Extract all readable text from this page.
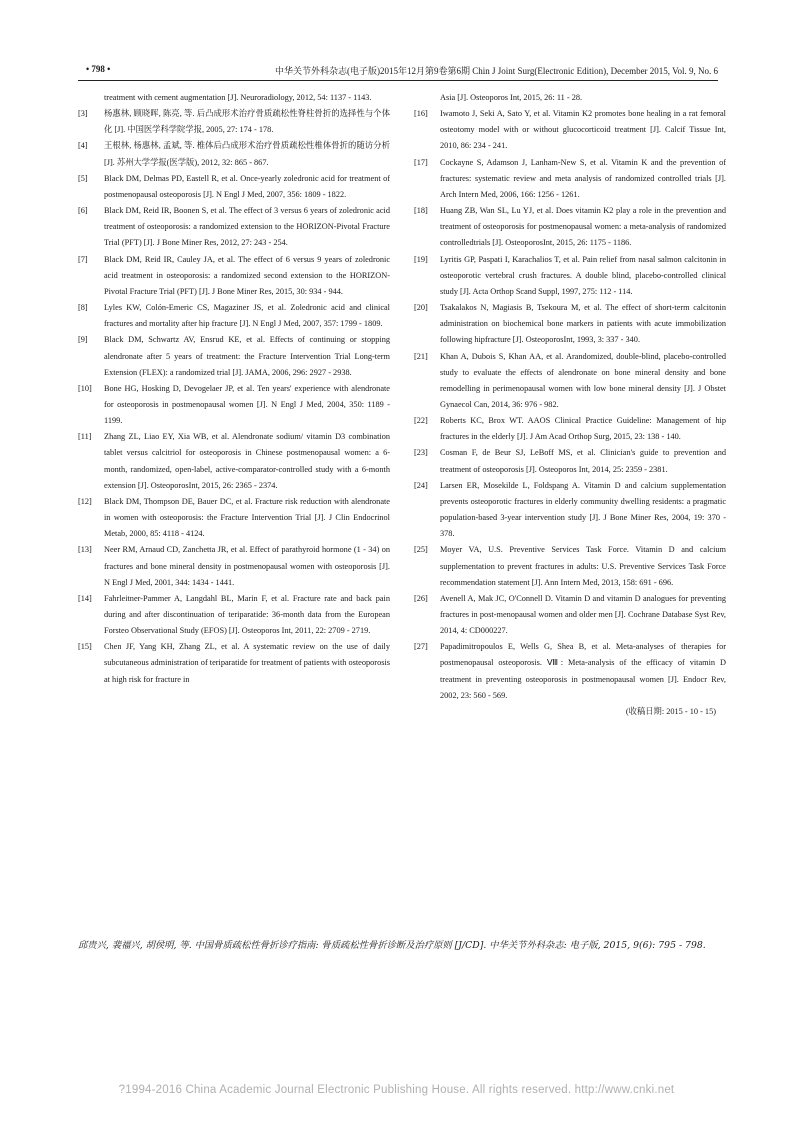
• 798 •	中华关节外科杂志(电子版)2015年12月第9卷第6期 Chin J Joint Surg(Electronic Edition), December 2015, Vol. 9, No. 6
treatment with cement augmentation [J]. Neuroradiology, 2012, 54: 1137 - 1143.
[3] 杨惠林, 顾晓晖, 陈亮, 等. 后凸成形术治疗骨质疏松性脊柱骨折的选择性与个体化 [J]. 中国医学科学院学报, 2005, 27: 174 - 178.
[4] 王根林, 杨惠林, 孟斌, 等. 椎体后凸成形术治疗骨质疏松性椎体骨折的随访分析 [J]. 苏州大学学报(医学版), 2012, 32: 865 - 867.
[5] Black DM, Delmas PD, Eastell R, et al. Once-yearly zoledronic acid for treatment of postmenopausal osteoporosis [J]. N Engl J Med, 2007, 356: 1809 - 1822.
[6] Black DM, Reid IR, Boonen S, et al. The effect of 3 versus 6 years of zoledronic acid treatment of osteoporosis: a randomized extension to the HORIZON-Pivotal Fracture Trial (PFT) [J]. J Bone Miner Res, 2012, 27: 243 - 254.
[7] Black DM, Reid IR, Cauley JA, et al. The effect of 6 versus 9 years of zoledronic acid treatment in osteoporosis: a randomized second extension to the HORIZON-Pivotal Fracture Trial (PFT) [J]. J Bone Miner Res, 2015, 30: 934 - 944.
[8] Lyles KW, Colón-Emeric CS, Magaziner JS, et al. Zoledronic acid and clinical fractures and mortality after hip fracture [J]. N Engl J Med, 2007, 357: 1799 - 1809.
[9] Black DM, Schwartz AV, Ensrud KE, et al. Effects of continuing or stopping alendronate after 5 years of treatment: the Fracture Intervention Trial Long-term Extension (FLEX): a randomized trial [J]. JAMA, 2006, 296: 2927 - 2938.
[10] Bone HG, Hosking D, Devogelaer JP, et al. Ten years' experience with alendronate for osteoporosis in postmenopausal women [J]. N Engl J Med, 2004, 350: 1189 - 1199.
[11] Zhang ZL, Liao EY, Xia WB, et al. Alendronate sodium/ vitamin D3 combination tablet versus calcitriol for osteoporosis in Chinese postmenopausal women: a 6-month, randomized, open-label, active-comparator-controlled study with a 6-month extension [J]. OsteoporosInt, 2015, 26: 2365 - 2374.
[12] Black DM, Thompson DE, Bauer DC, et al. Fracture risk reduction with alendronate in women with osteoporosis: the Fracture Intervention Trial [J]. J Clin Endocrinol Metab, 2000, 85: 4118 - 4124.
[13] Neer RM, Arnaud CD, Zanchetta JR, et al. Effect of parathyroid hormone (1 - 34) on fractures and bone mineral density in postmenopausal women with osteoporosis [J]. N Engl J Med, 2001, 344: 1434 - 1441.
[14] Fahrleitner-Pammer A, Langdahl BL, Marin F, et al. Fracture rate and back pain during and after discontinuation of teriparatide: 36-month data from the European Forsteo Observational Study (EFOS) [J]. Osteoporos Int, 2011, 22: 2709 - 2719.
[15] Chen JF, Yang KH, Zhang ZL, et al. A systematic review on the use of daily subcutaneous administration of teriparatide for treatment of patients with osteoporosis at high risk for fracture in
Asia [J]. Osteoporos Int, 2015, 26: 11 - 28.
[16] Iwamoto J, Seki A, Sato Y, et al. Vitamin K2 promotes bone healing in a rat femoral osteotomy model with or without glucocorticoid treatment [J]. Calcif Tissue Int, 2010, 86: 234 - 241.
[17] Cockayne S, Adamson J, Lanham-New S, et al. Vitamin K and the prevention of fractures: systematic review and meta analysis of randomized controlled trials [J]. Arch Intern Med, 2006, 166: 1256 - 1261.
[18] Huang ZB, Wan SL, Lu YJ, et al. Does vitamin K2 play a role in the prevention and treatment of osteoporosis for postmenopausal women: a meta-analysis of randomized controlledtrials [J]. OsteoporosInt, 2015, 26: 1175 - 1186.
[19] Lyritis GP, Paspati I, Karachalios T, et al. Pain relief from nasal salmon calcitonin in osteoporotic vertebral crush fractures. A double blind, placebo-controlled clinical study [J]. Acta Orthop Scand Suppl, 1997, 275: 112 - 114.
[20] Tsakalakos N, Magiasis B, Tsekoura M, et al. The effect of short-term calcitonin administration on biochemical bone markers in patients with acute immobilization following hipfracture [J]. OsteoporosInt, 1993, 3: 337 - 340.
[21] Khan A, Dubois S, Khan AA, et al. Arandomized, double-blind, placebo-controlled study to evaluate the effects of alendronate on bone mineral density and bone remodelling in perimenopausal women with low bone mineral density [J]. J Obstet Gynaecol Can, 2014, 36: 976 - 982.
[22] Roberts KC, Brox WT. AAOS Clinical Practice Guideline: Management of hip fractures in the elderly [J]. J Am Acad Orthop Surg, 2015, 23: 138 - 140.
[23] Cosman F, de Beur SJ, LeBoff MS, et al. Clinician's guide to prevention and treatment of osteoporosis [J]. Osteoporos Int, 2014, 25: 2359 - 2381.
[24] Larsen ER, Mosekilde L, Foldspang A. Vitamin D and calcium supplementation prevents osteoporotic fractures in elderly community dwelling residents: a pragmatic population-based 3-year intervention study [J]. J Bone Miner Res, 2004, 19: 370 - 378.
[25] Moyer VA, U.S. Preventive Services Task Force. Vitamin D and calcium supplementation to prevent fractures in adults: U.S. Preventive Services Task Force recommendation statement [J]. Ann Intern Med, 2013, 158: 691 - 696.
[26] Avenell A, Mak JC, O'Connell D. Vitamin D and vitamin D analogues for preventing fractures in post-menopausal women and older men [J]. Cochrane Database Syst Rev, 2014, 4: CD000227.
[27] Papadimitropoulos E, Wells G, Shea B, et al. Meta-analyses of therapies for postmenopausal osteoporosis. Ⅷ: Meta-analysis of the efficacy of vitamin D treatment in preventing osteoporosis in postmenopausal women [J]. Endocr Rev, 2002, 23: 560 - 569.
(收稿日期: 2015 - 10 - 15)
邱贵兴, 裴福兴, 胡侯明, 等. 中国骨质疏松性骨折诊疗指南: 骨质疏松性骨折诊断及治疗原则 [J/CD]. 中华关节外科杂志: 电子版, 2015, 9(6): 795 - 798.
?1994-2016 China Academic Journal Electronic Publishing House. All rights reserved. http://www.cnki.net
